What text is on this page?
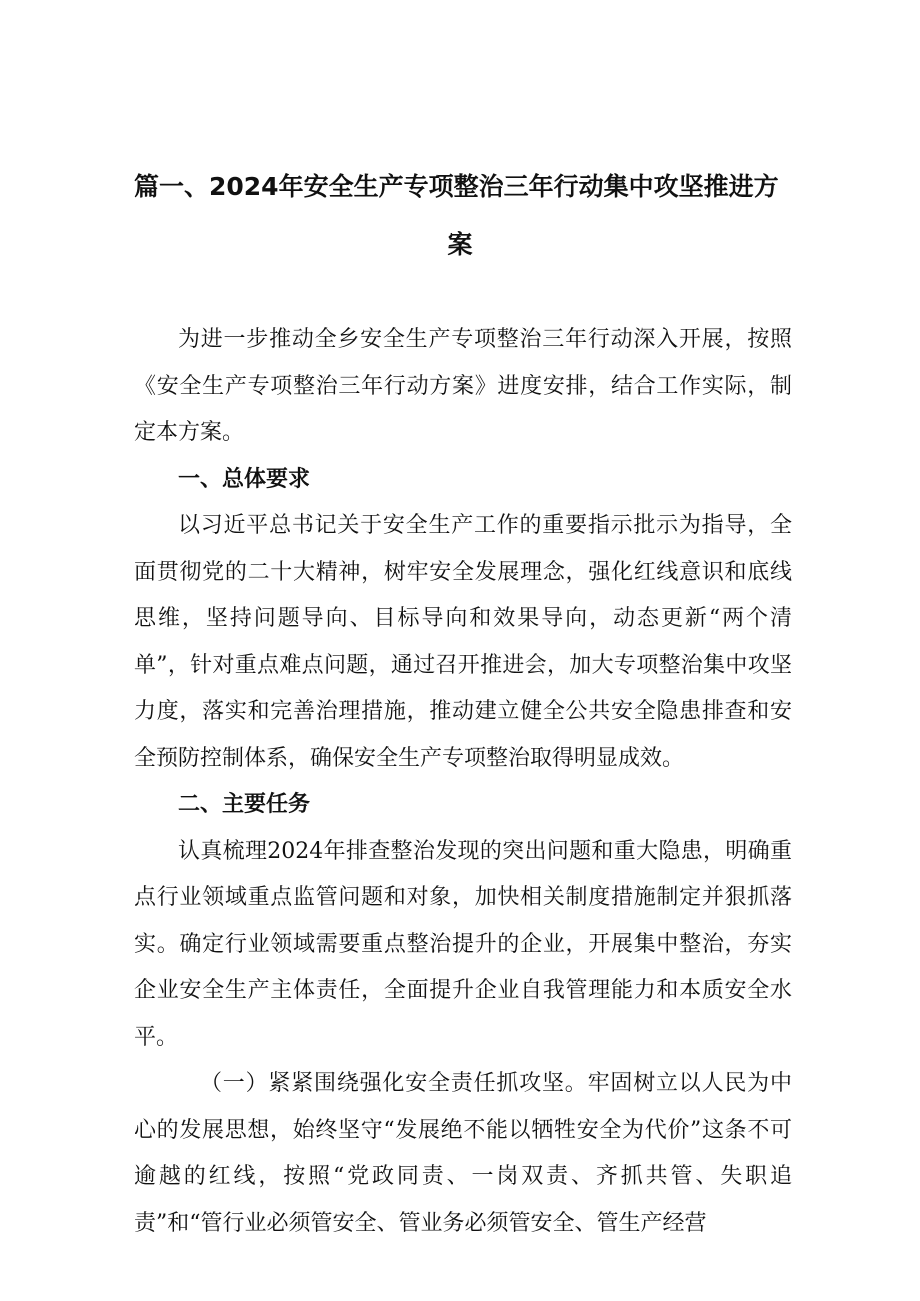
篇一、2024年安全生产专项整治三年行动集中攻坚推进方
案

为进一步推动全乡安全生产专项整治三年行动深入开展，按照《安全生产专项整治三年行动方案》进度安排，结合工作实际，制定本方案。

一、总体要求

以习近平总书记关于安全生产工作的重要指示批示为指导，全面贯彻党的二十大精神，树牢安全发展理念，强化红线意识和底线思维，坚持问题导向、目标导向和效果导向，动态更新“两个清单”，针对重点难点问题，通过召开推进会，加大专项整治集中攻坚力度，落实和完善治理措施，推动建立健全公共安全隐患排查和安全预防控制体系，确保安全生产专项整治取得明显成效。

二、主要任务

认真梳理2024年排查整治发现的突出问题和重大隐患，明确重点行业领域重点监管问题和对象，加快相关制度措施制定并狠抓落实。确定行业领域需要重点整治提升的企业，开展集中整治，夯实企业安全生产主体责任，全面提升企业自我管理能力和本质安全水平。

（一）紧紧围绕强化安全责任抓攻坚。牢固树立以人民为中心的发展思想，始终坚守“发展绝不能以牺牲安全为代价”这条不可逾越的红线，按照“党政同责、一岗双责、齐抓共管、失职追责”和“管行业必须管安全、管业务必须管安全、管生产经营
